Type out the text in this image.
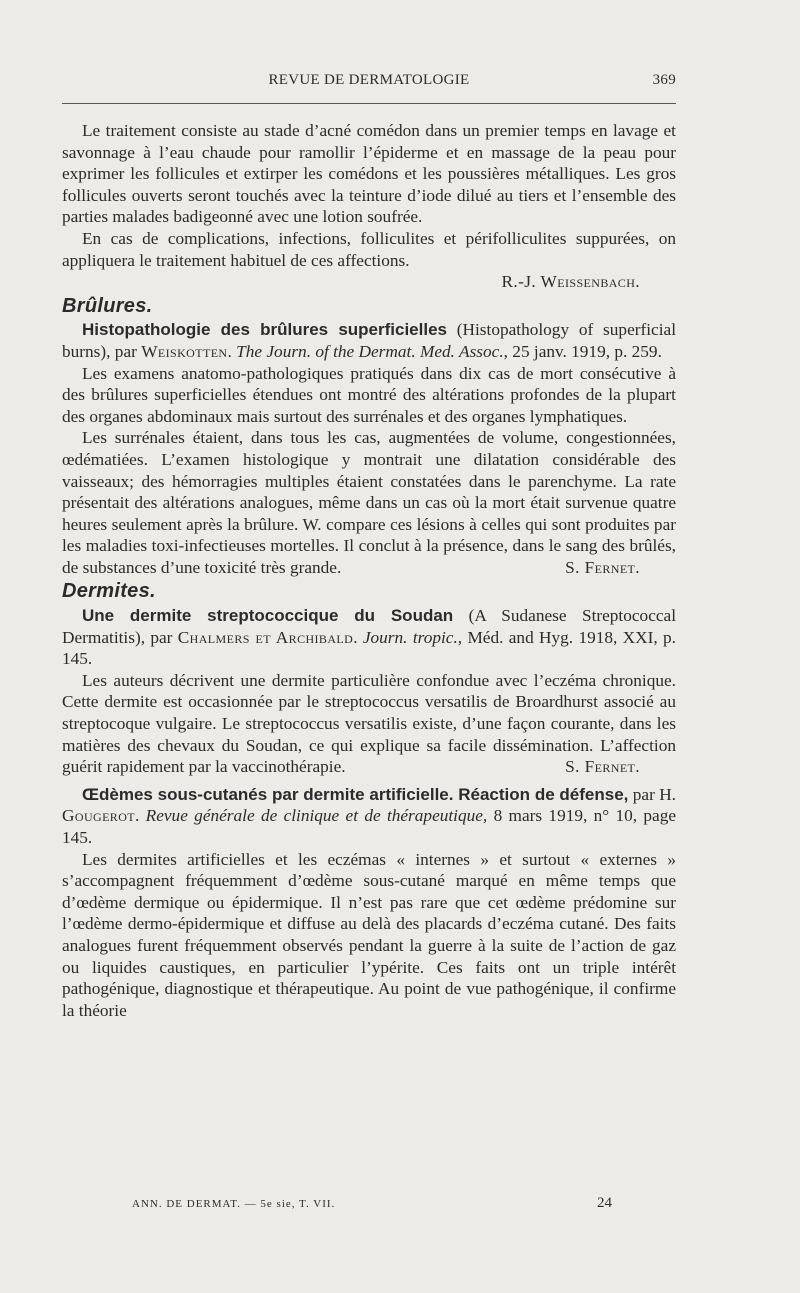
REVUE DE DERMATOLOGIE	369

Le traitement consiste au stade d’acné comédon dans un premier temps en lavage et savonnage à l’eau chaude pour ramollir l’épiderme et en massage de la peau pour exprimer les follicules et extirper les comédons et les poussières métalliques. Les gros follicules ouverts seront touchés avec la teinture d’iode dilué au tiers et l’ensemble des parties malades badigeonné avec une lotion soufrée.

En cas de complications, infections, folliculites et périfolliculites suppurées, on appliquera le traitement habituel de ces affections.

R.-J. Weissenbach.
Brûlures.

Histopathologie des brûlures superficielles (Histopathology of superficial burns), par Weiskotten. The Journ. of the Dermat. Med. Assoc., 25 janv. 1919, p. 259.

Les examens anatomo-pathologiques pratiqués dans dix cas de mort consécutive à des brûlures superficielles étendues ont montré des altérations profondes de la plupart des organes abdominaux mais surtout des surrénales et des organes lymphatiques.

Les surrénales étaient, dans tous les cas, augmentées de volume, congestionnées, œdématiées. L’examen histologique y montrait une dilatation considérable des vaisseaux; des hémorragies multiples étaient constatées dans le parenchyme. La rate présentait des altérations analogues, même dans un cas où la mort était survenue quatre heures seulement après la brûlure. W. compare ces lésions à celles qui sont produites par les maladies toxi-infectieuses mortelles. Il conclut à la présence, dans le sang des brûlés, de substances d’une toxicité très grande.	S. Fernet.
Dermites.

Une dermite streptococcique du Soudan (A Sudanese Streptococcal Dermatitis), par Chalmers et Archibald. Journ. tropic., Méd. and Hyg. 1918, XXI, p. 145.

Les auteurs décrivent une dermite particulière confondue avec l’eczéma chronique. Cette dermite est occasionnée par le streptococcus versatilis de Broardhurst associé au streptocoque vulgaire. Le streptococcus versatilis existe, d’une façon courante, dans les matières des chevaux du Soudan, ce qui explique sa facile dissémination. L’affection guérit rapidement par la vaccinothérapie.	S. Fernet.

Œdèmes sous-cutanés par dermite artificielle. Réaction de défense, par H. Gougerot. Revue générale de clinique et de thérapeutique, 8 mars 1919, n° 10, page 145.

Les dermites artificielles et les eczémas « internes » et surtout « externes » s’accompagnent fréquemment d’œdème sous-cutané marqué en même temps que d’œdème dermique ou épidermique. Il n’est pas rare que cet œdème prédomine sur l’œdème dermo-épidermique et diffuse au delà des placards d’eczéma cutané. Des faits analogues furent fréquemment observés pendant la guerre à la suite de l’action de gaz ou liquides caustiques, en particulier l’ypérite. Ces faits ont un triple intérêt pathogénique, diagnostique et thérapeutique. Au point de vue pathogénique, il confirme la théorie

ANN. DE DERMAT. — 5e sie, T. VII.	24
